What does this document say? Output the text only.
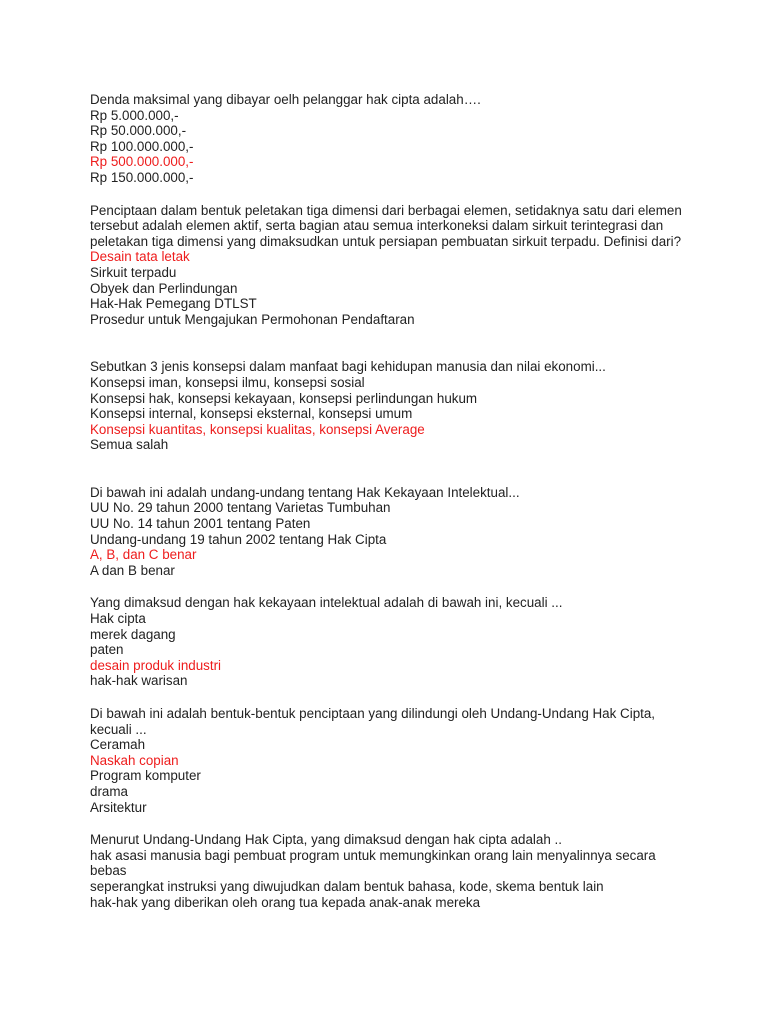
Denda maksimal yang dibayar oelh pelanggar hak cipta adalah….
Rp 5.000.000,-
Rp 50.000.000,-
Rp 100.000.000,-
Rp 500.000.000,-
Rp 150.000.000,-
Penciptaan dalam bentuk peletakan tiga dimensi dari berbagai elemen, setidaknya satu dari elemen tersebut adalah elemen aktif, serta bagian atau semua interkoneksi dalam sirkuit terintegrasi dan peletakan tiga dimensi yang dimaksudkan untuk persiapan pembuatan sirkuit terpadu. Definisi dari?
Desain tata letak
Sirkuit terpadu
Obyek dan Perlindungan
Hak-Hak Pemegang DTLST
Prosedur untuk Mengajukan Permohonan Pendaftaran
Sebutkan 3 jenis konsepsi dalam manfaat bagi kehidupan manusia dan nilai ekonomi...
Konsepsi iman, konsepsi ilmu, konsepsi sosial
Konsepsi hak, konsepsi kekayaan, konsepsi perlindungan hukum
Konsepsi internal, konsepsi eksternal, konsepsi umum
Konsepsi kuantitas, konsepsi kualitas, konsepsi Average
Semua salah
Di bawah ini adalah undang-undang tentang Hak Kekayaan Intelektual...
UU No. 29 tahun 2000 tentang Varietas Tumbuhan
UU No. 14 tahun 2001 tentang Paten
Undang-undang 19 tahun 2002 tentang Hak Cipta
A, B, dan C benar
A dan B benar
Yang dimaksud dengan hak kekayaan intelektual adalah di bawah ini, kecuali ...
Hak cipta
merek dagang
paten
desain produk industri
hak-hak warisan
Di bawah ini adalah bentuk-bentuk penciptaan yang dilindungi oleh Undang-Undang Hak Cipta, kecuali ...
Ceramah
Naskah copian
Program komputer
drama
Arsitektur
Menurut Undang-Undang Hak Cipta, yang dimaksud dengan hak cipta adalah ..
hak asasi manusia bagi pembuat program untuk memungkinkan orang lain menyalinnya secara bebas
seperangkat instruksi yang diwujudkan dalam bentuk bahasa, kode, skema bentuk lain
hak-hak yang diberikan oleh orang tua kepada anak-anak mereka
